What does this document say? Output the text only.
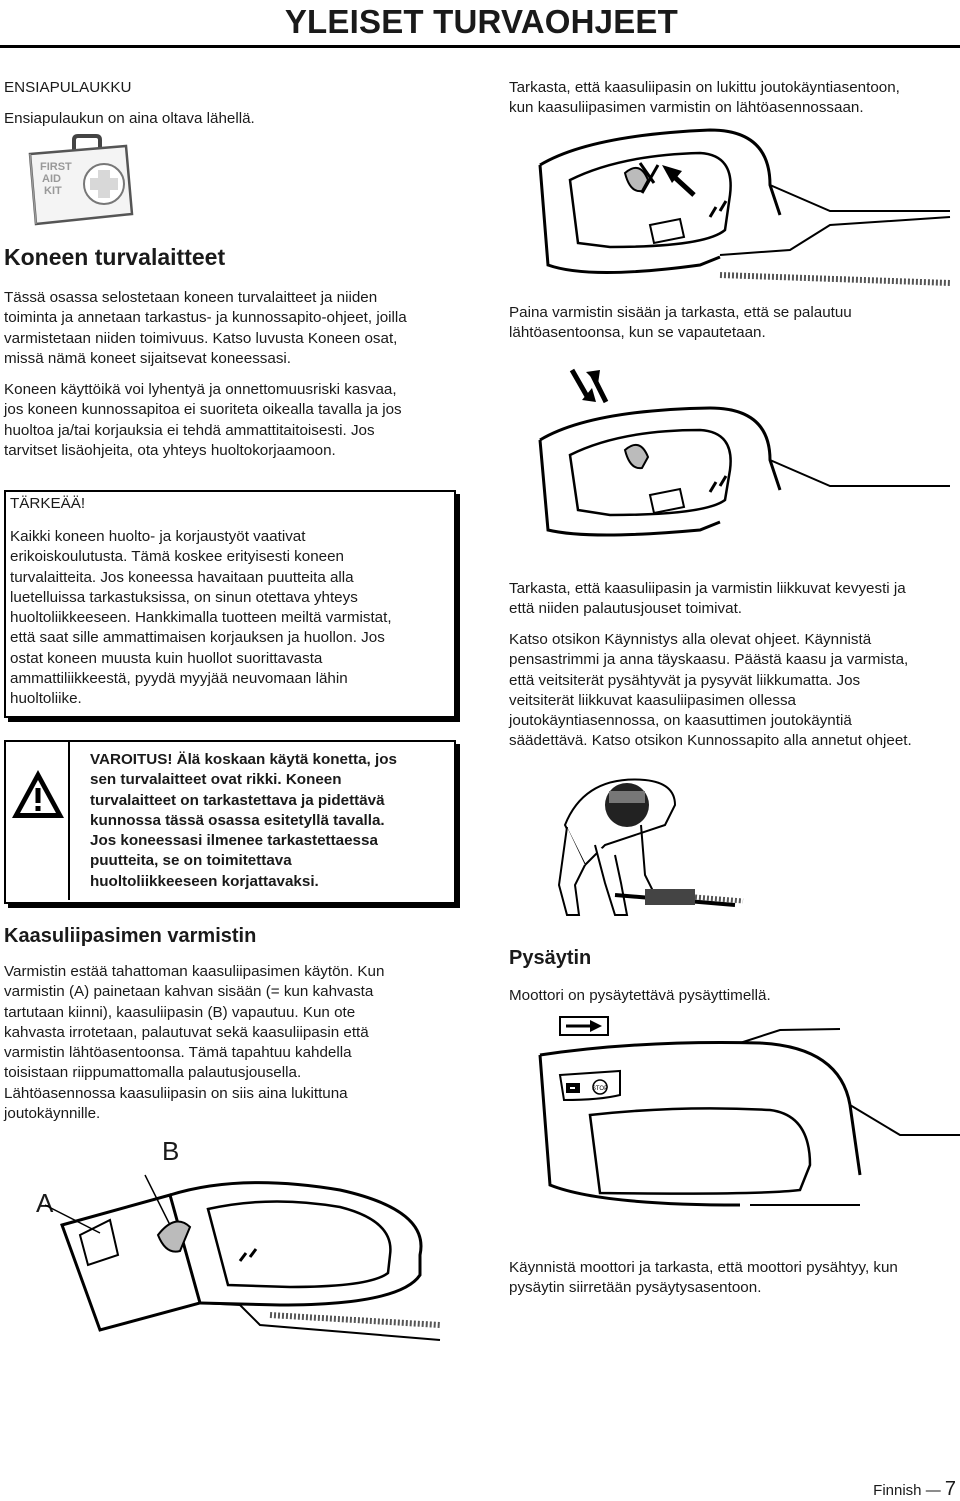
YLEISET TURVAOHJEET
ENSIAPULAUKKU
Ensiapulaukun on aina oltava lähellä.
FIRST
AID
KIT
Koneen turvalaitteet
Tässä osassa selostetaan koneen turvalaitteet ja niiden
toiminta ja annetaan tarkastus- ja kunnossapito-ohjeet, joilla
varmistetaan niiden toimivuus. Katso luvusta Koneen osat,
missä nämä koneet sijaitsevat koneessasi.
Koneen käyttöikä voi lyhentyä ja onnettomuusriski kasvaa,
jos koneen kunnossapitoa ei suoriteta oikealla tavalla ja jos
huoltoa ja/tai korjauksia ei tehdä ammattitaitoisesti. Jos
tarvitset lisäohjeita, ota yhteys huoltokorjaamoon.
TÄRKEÄÄ!
Kaikki koneen huolto- ja korjaustyöt vaativat
erikoiskoulutusta. Tämä koskee erityisesti koneen
turvalaitteita. Jos koneessa havaitaan puutteita alla
luetelluissa tarkastuksissa, on sinun otettava yhteys
huoltoliikkeeseen. Hankkimalla tuotteen meiltä varmistat,
että saat sille ammattimaisen korjauksen ja huollon. Jos
ostat koneen muusta kuin huollot suorittavasta
ammattiliikkeestä, pyydä myyjää neuvomaan lähin
huoltoliike.
VAROITUS! Älä koskaan käytä konetta, jos
sen turvalaitteet ovat rikki. Koneen
turvalaitteet on tarkastettava ja pidettävä
kunnossa tässä osassa esitetyllä tavalla.
Jos koneessasi ilmenee tarkastettaessa
puutteita, se on toimitettava
huoltoliikkeeseen korjattavaksi.
Kaasuliipasimen varmistin
Varmistin estää tahattoman kaasuliipasimen käytön. Kun
varmistin (A) painetaan kahvan sisään (= kun kahvasta
tartutaan kiinni), kaasuliipasin (B) vapautuu. Kun ote
kahvasta irrotetaan, palautuvat sekä kaasuliipasin että
varmistin lähtöasentoonsa. Tämä tapahtuu kahdella
toisistaan riippumattomalla palautusjousella.
Lähtöasennossa kaasuliipasin on siis aina lukittuna
joutokäynnille.
A
B
Tarkasta, että kaasuliipasin on lukittu joutokäyntiasentoon,
kun kaasuliipasimen varmistin on lähtöasennossaan.
Paina varmistin sisään ja tarkasta, että se palautuu
lähtöasentoonsa, kun se vapautetaan.
Tarkasta, että kaasuliipasin ja varmistin liikkuvat kevyesti ja
että niiden palautusjouset toimivat.
Katso otsikon Käynnistys alla olevat ohjeet. Käynnistä
pensastrimmi ja anna täyskaasu. Päästä kaasu ja varmista,
että veitsiterät pysähtyvät ja pysyvät liikkumatta. Jos
veitsiterät liikkuvat kaasuliipasimen ollessa
joutokäyntiasennossa, on kaasuttimen joutokäyntiä
säädettävä. Katso otsikon Kunnossapito alla annetut ohjeet.
Pysäytin
Moottori on pysäytettävä pysäyttimellä.
STOP
Käynnistä moottori ja tarkasta, että moottori pysähtyy, kun
pysäytin siirretään pysäytysasentoon.
Finnish — 7
